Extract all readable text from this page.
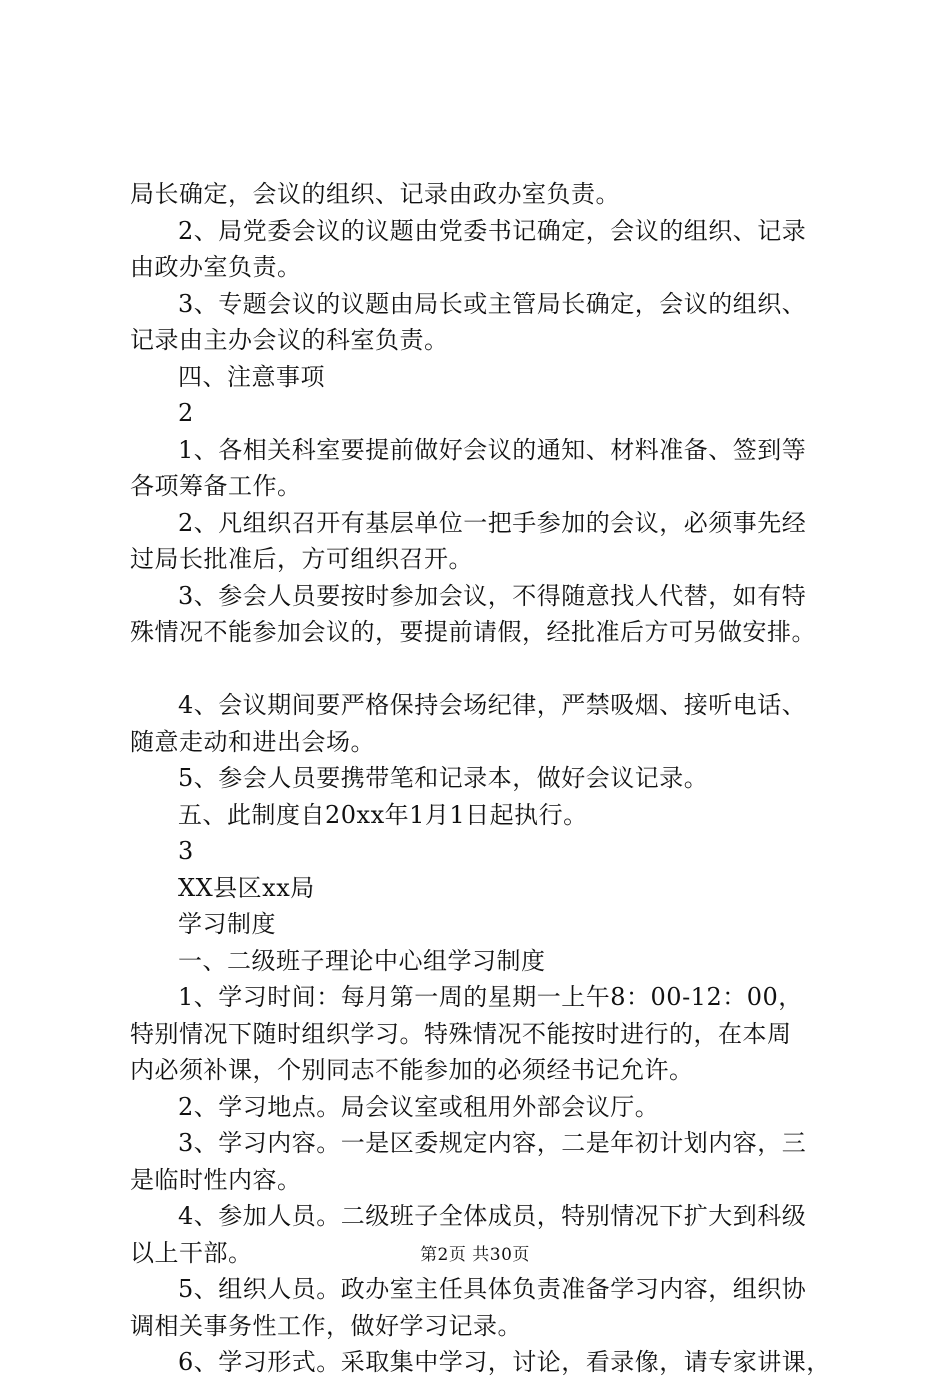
局长确定，会议的组织、记录由政办室负责。
2、局党委会议的议题由党委书记确定，会议的组织、记录
由政办室负责。
3、专题会议的议题由局长或主管局长确定，会议的组织、
记录由主办会议的科室负责。
四、注意事项
2
1、各相关科室要提前做好会议的通知、材料准备、签到等
各项筹备工作。
2、凡组织召开有基层单位一把手参加的会议，必须事先经
过局长批准后，方可组织召开。
3、参会人员要按时参加会议，不得随意找人代替，如有特
殊情况不能参加会议的，要提前请假，经批准后方可另做安排。
4、会议期间要严格保持会场纪律，严禁吸烟、接听电话、
随意走动和进出会场。
5、参会人员要携带笔和记录本，做好会议记录。
五、此制度自20xx年1月1日起执行。
3
XX县区xx局
学习制度
一、二级班子理论中心组学习制度
1、学习时间：每月第一周的星期一上午8：00-12：00，
特别情况下随时组织学习。特殊情况不能按时进行的，在本周
内必须补课，个别同志不能参加的必须经书记允许。
2、学习地点。局会议室或租用外部会议厅。
3、学习内容。一是区委规定内容，二是年初计划内容，三
是临时性内容。
4、参加人员。二级班子全体成员，特别情况下扩大到科级
以上干部。
5、组织人员。政办室主任具体负责准备学习内容，组织协
调相关事务性工作，做好学习记录。
6、学习形式。采取集中学习，讨论，看录像，请专家讲课，
第2页 共30页
